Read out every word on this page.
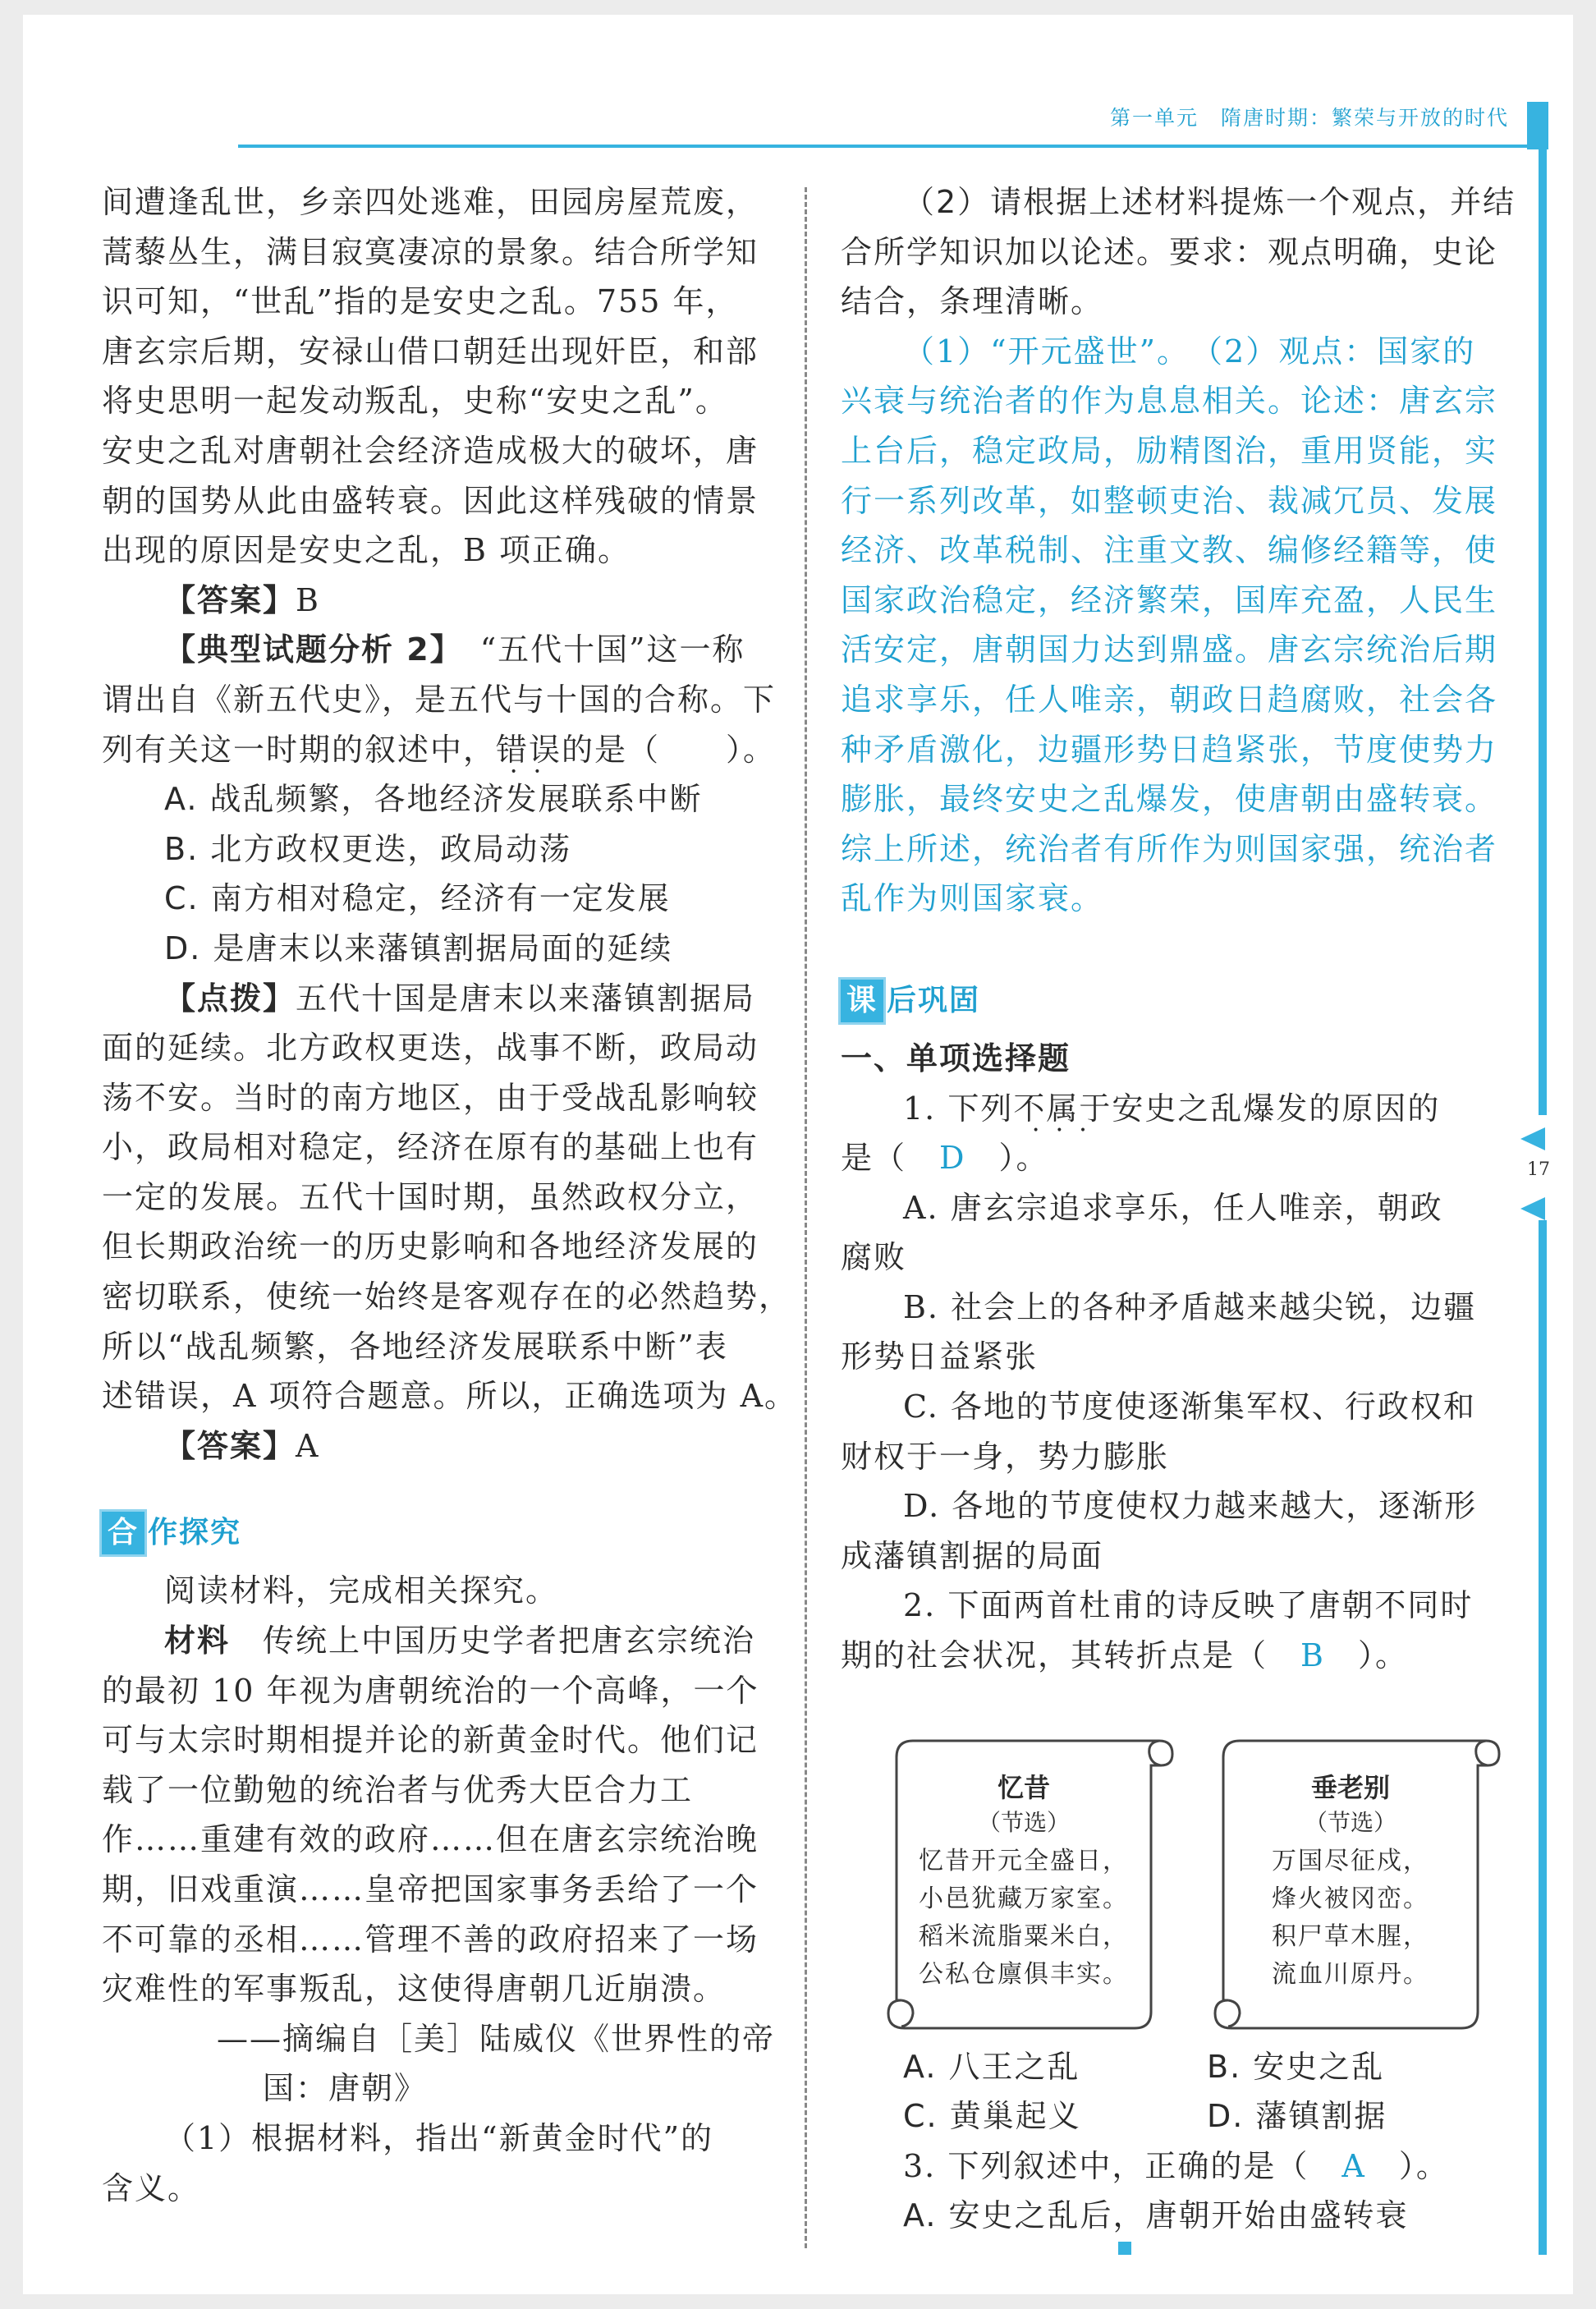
第一单元　隋唐时期：繁荣与开放的时代
17

间遭逢乱世，乡亲四处逃难，田园房屋荒废，

蒿藜丛生，满目寂寞凄凉的景象。结合所学知

识可知，“世乱”指的是安史之乱。755 年，

唐玄宗后期，安禄山借口朝廷出现奸臣，和部

将史思明一起发动叛乱，史称“安史之乱”。

安史之乱对唐朝社会经济造成极大的破坏，唐

朝的国势从此由盛转衰。因此这样残破的情景

出现的原因是安史之乱，B 项正确。

【答案】B

【典型试题分析 2】　 “五代十国”这一称

谓出自《新五代史》，是五代与十国的合称。下

列有关这一时期的叙述中，错误 • •的是（　　）。

A. 战乱频繁，各地经济发展联系中断

B. 北方政权更迭，政局动荡

C. 南方相对稳定，经济有一定发展

D. 是唐末以来藩镇割据局面的延续

【点拨】五代十国是唐末以来藩镇割据局

面的延续。北方政权更迭，战事不断，政局动

荡不安。当时的南方地区，由于受战乱影响较

小，政局相对稳定，经济在原有的基础上也有

一定的发展。五代十国时期，虽然政权分立，

但长期政治统一的历史影响和各地经济发展的

密切联系，使统一始终是客观存在的必然趋势，

所以“战乱频繁，各地经济发展联系中断”表

述错误，A 项符合题意。所以，正确选项为 A。

【答案】A

合 作探究

阅读材料，完成相关探究。

材料　 传统上中国历史学者把唐玄宗统治

的最初 10 年视为唐朝统治的一个高峰，一个

可与太宗时期相提并论的新黄金时代。他们记

载了一位勤勉的统治者与优秀大臣合力工

作……重建有效的政府……但在唐玄宗统治晚

期，旧戏重演……皇帝把国家事务丢给了一个

不可靠的丞相……管理不善的政府招来了一场

灾难性的军事叛乱，这使得唐朝几近崩溃。

——摘编自［美］陆威仪《世界性的帝

国：唐朝》

（1）根据材料，指出“新黄金时代”的

含义。

（2）请根据上述材料提炼一个观点，并结

合所学知识加以论述。要求：观点明确，史论

结合，条理清晰。

（1）“开元盛世”。　（2）观点：国家的

兴衰与统治者的作为息息相关。论述：唐玄宗

上台后，稳定政局，励精图治，重用贤能，实

行一系列改革，如整顿吏治、裁减冗员、发展

经济、改革税制、注重文教、编修经籍等，使

国家政治稳定，经济繁荣，国库充盈，人民生

活安定，唐朝国力达到鼎盛。唐玄宗统治后期

追求享乐，任人唯亲，朝政日趋腐败，社会各

种矛盾激化，边疆形势日趋紧张，节度使势力

膨胀，最终安史之乱爆发，使唐朝由盛转衰。

综上所述，统治者有所作为则国家强，统治者

乱作为则国家衰。

课 后巩固

一、单项选择题

1. 下列不属于 • • •安史之乱爆发的原因的

是（　 D　 ）。

A. 唐玄宗追求享乐，任人唯亲，朝政

腐败

B. 社会上的各种矛盾越来越尖锐，边疆

形势日益紧张

C. 各地的节度使逐渐集军权、行政权和

财权于一身，势力膨胀

D. 各地的节度使权力越来越大，逐渐形

成藩镇割据的局面

2. 下面两首杜甫的诗反映了唐朝不同时

期的社会状况，其转折点是（　 B　 ）。

A. 八王之乱	B. 安史之乱

C. 黄巢起义	D. 藩镇割据

3. 下列叙述中，正确的是（　 A　 ）。

A. 安史之乱后，唐朝开始由盛转衰

忆昔
（节选）
忆昔开元全盛日，
小邑犹藏万家室。
稻米流脂粟米白，
公私仓廪俱丰实。
垂老别
（节选）
万国尽征戍，
烽火被冈峦。
积尸草木腥，
流血川原丹。
